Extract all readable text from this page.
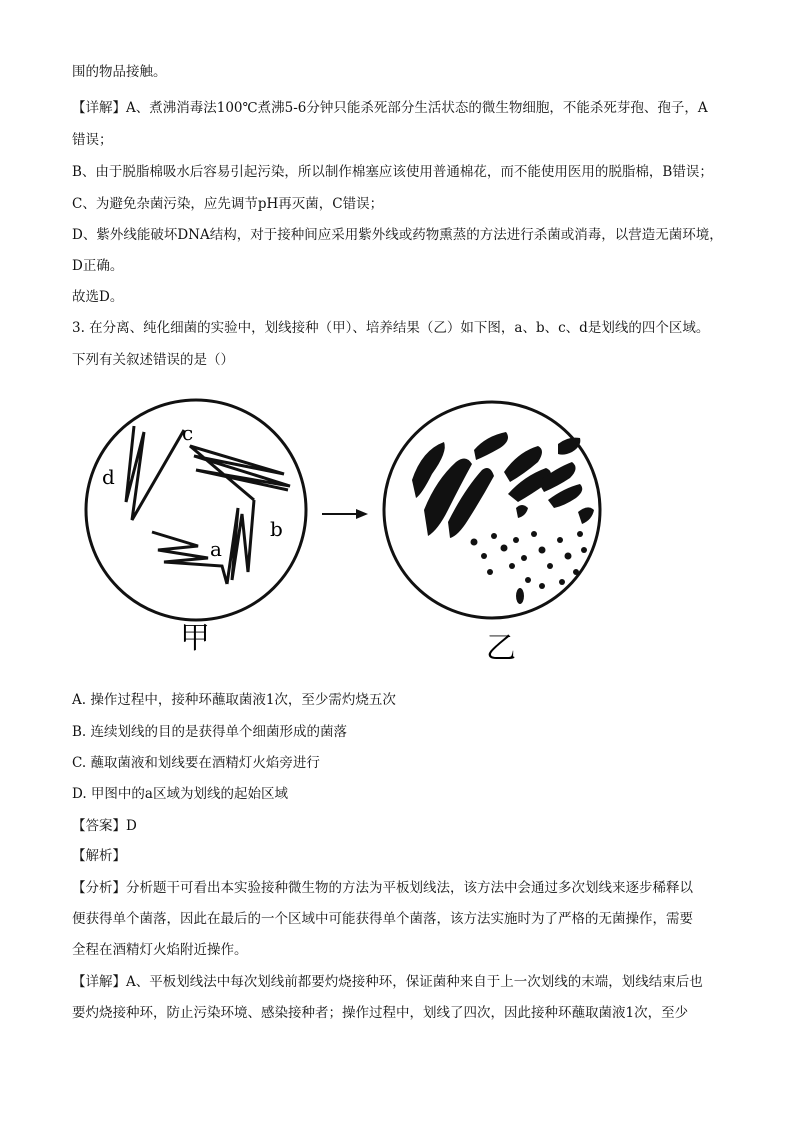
围的物品接触。
【详解】A、煮沸消毒法100℃煮沸5-6分钟只能杀死部分生活状态的微生物细胞，不能杀死芽孢、孢子，A
错误；
B、由于脱脂棉吸水后容易引起污染，所以制作棉塞应该使用普通棉花，而不能使用医用的脱脂棉，B错误；
C、为避免杂菌污染，应先调节pH再灭菌，C错误；
D、紫外线能破坏DNA结构，对于接种间应采用紫外线或药物熏蒸的方法进行杀菌或消毒，以营造无菌环境，
D正确。
故选D。
3. 在分离、纯化细菌的实验中，划线接种（甲）、培养结果（乙）如下图，a、b、c、d是划线的四个区域。
下列有关叙述错误的是（）
a
b
c
d
甲	乙
A. 操作过程中，接种环蘸取菌液1次，至少需灼烧五次
B. 连续划线的目的是获得单个细菌形成的菌落
C. 蘸取菌液和划线要在酒精灯火焰旁进行
D. 甲图中的a区域为划线的起始区域
【答案】D
【解析】
【分析】分析题干可看出本实验接种微生物的方法为平板划线法，该方法中会通过多次划线来逐步稀释以
便获得单个菌落，因此在最后的一个区域中可能获得单个菌落，该方法实施时为了严格的无菌操作，需要
全程在酒精灯火焰附近操作。
【详解】A、平板划线法中每次划线前都要灼烧接种环，保证菌种来自于上一次划线的末端，划线结束后也
要灼烧接种环，防止污染环境、感染接种者；操作过程中，划线了四次，因此接种环蘸取菌液1次，至少
